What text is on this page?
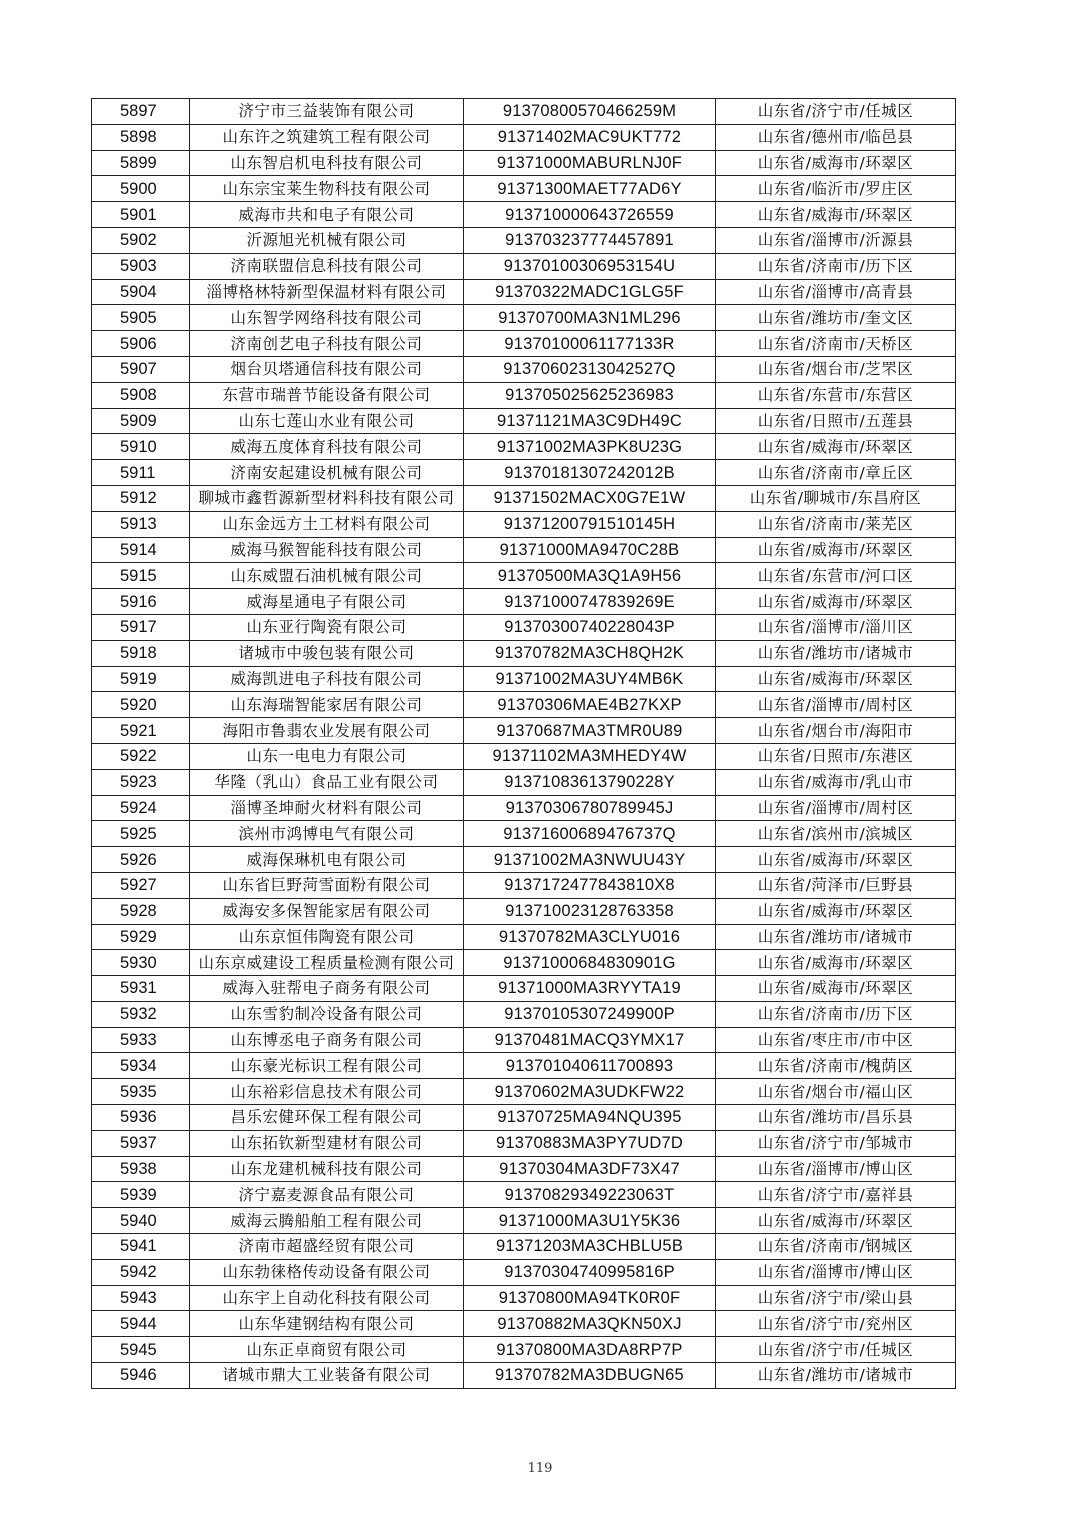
5897	济宁市三益装饰有限公司	91370800570466259M	山东省/济宁市/任城区
5898	山东许之筑建筑工程有限公司	91371402MAC9UKT772	山东省/德州市/临邑县
5899	山东智启机电科技有限公司	91371000MABURLNJ0F	山东省/威海市/环翠区
5900	山东宗宝莱生物科技有限公司	91371300MAET77AD6Y	山东省/临沂市/罗庄区
5901	威海市共和电子有限公司	913710000643726559	山东省/威海市/环翠区
5902	沂源旭光机械有限公司	913703237774457891	山东省/淄博市/沂源县
5903	济南联盟信息科技有限公司	91370100306953154U	山东省/济南市/历下区
5904	淄博格林特新型保温材料有限公司	91370322MADC1GLG5F	山东省/淄博市/高青县
5905	山东智学网络科技有限公司	91370700MA3N1ML296	山东省/潍坊市/奎文区
5906	济南创艺电子科技有限公司	91370100061177133R	山东省/济南市/天桥区
5907	烟台贝塔通信科技有限公司	91370602313042527Q	山东省/烟台市/芝罘区
5908	东营市瑞普节能设备有限公司	913705025625236983	山东省/东营市/东营区
5909	山东七莲山水业有限公司	91371121MA3C9DH49C	山东省/日照市/五莲县
5910	威海五度体育科技有限公司	91371002MA3PK8U23G	山东省/威海市/环翠区
5911	济南安起建设机械有限公司	91370181307242012B	山东省/济南市/章丘区
5912	聊城市鑫哲源新型材料科技有限公司	91371502MACX0G7E1W	山东省/聊城市/东昌府区
5913	山东金远方土工材料有限公司	91371200791510145H	山东省/济南市/莱芜区
5914	威海马猴智能科技有限公司	91371000MA9470C28B	山东省/威海市/环翠区
5915	山东威盟石油机械有限公司	91370500MA3Q1A9H56	山东省/东营市/河口区
5916	威海星通电子有限公司	91371000747839269E	山东省/威海市/环翠区
5917	山东亚行陶瓷有限公司	91370300740228043P	山东省/淄博市/淄川区
5918	诸城市中骏包装有限公司	91370782MA3CH8QH2K	山东省/潍坊市/诸城市
5919	威海凯进电子科技有限公司	91371002MA3UY4MB6K	山东省/威海市/环翠区
5920	山东海瑞智能家居有限公司	91370306MAE4B27KXP	山东省/淄博市/周村区
5921	海阳市鲁翡农业发展有限公司	91370687MA3TMR0U89	山东省/烟台市/海阳市
5922	山东一电电力有限公司	91371102MA3MHEDY4W	山东省/日照市/东港区
5923	华隆（乳山）食品工业有限公司	91371083613790228Y	山东省/威海市/乳山市
5924	淄博圣坤耐火材料有限公司	91370306780789945J	山东省/淄博市/周村区
5925	滨州市鸿博电气有限公司	91371600689476737Q	山东省/滨州市/滨城区
5926	威海保琳机电有限公司	91371002MA3NWUU43Y	山东省/威海市/环翠区
5927	山东省巨野菏雪面粉有限公司	9137172477843810X8	山东省/菏泽市/巨野县
5928	威海安多保智能家居有限公司	913710023128763358	山东省/威海市/环翠区
5929	山东京恒伟陶瓷有限公司	91370782MA3CLYU016	山东省/潍坊市/诸城市
5930	山东京威建设工程质量检测有限公司	91371000684830901G	山东省/威海市/环翠区
5931	威海入驻帮电子商务有限公司	91371000MA3RYYTA19	山东省/威海市/环翠区
5932	山东雪豹制冷设备有限公司	91370105307249900P	山东省/济南市/历下区
5933	山东博丞电子商务有限公司	91370481MACQ3YMX17	山东省/枣庄市/市中区
5934	山东豪光标识工程有限公司	913701040611700893	山东省/济南市/槐荫区
5935	山东裕彩信息技术有限公司	91370602MA3UDKFW22	山东省/烟台市/福山区
5936	昌乐宏健环保工程有限公司	91370725MA94NQU395	山东省/潍坊市/昌乐县
5937	山东拓钦新型建材有限公司	91370883MA3PY7UD7D	山东省/济宁市/邹城市
5938	山东龙建机械科技有限公司	91370304MA3DF73X47	山东省/淄博市/博山区
5939	济宁嘉麦源食品有限公司	91370829349223063T	山东省/济宁市/嘉祥县
5940	威海云腾船舶工程有限公司	91371000MA3U1Y5K36	山东省/威海市/环翠区
5941	济南市超盛经贸有限公司	91371203MA3CHBLU5B	山东省/济南市/钢城区
5942	山东勃徕格传动设备有限公司	91370304740995816P	山东省/淄博市/博山区
5943	山东宇上自动化科技有限公司	91370800MA94TK0R0F	山东省/济宁市/梁山县
5944	山东华建钢结构有限公司	91370882MA3QKN50XJ	山东省/济宁市/兖州区
5945	山东正卓商贸有限公司	91370800MA3DA8RP7P	山东省/济宁市/任城区
5946	诸城市鼎大工业装备有限公司	91370782MA3DBUGN65	山东省/潍坊市/诸城市
119
